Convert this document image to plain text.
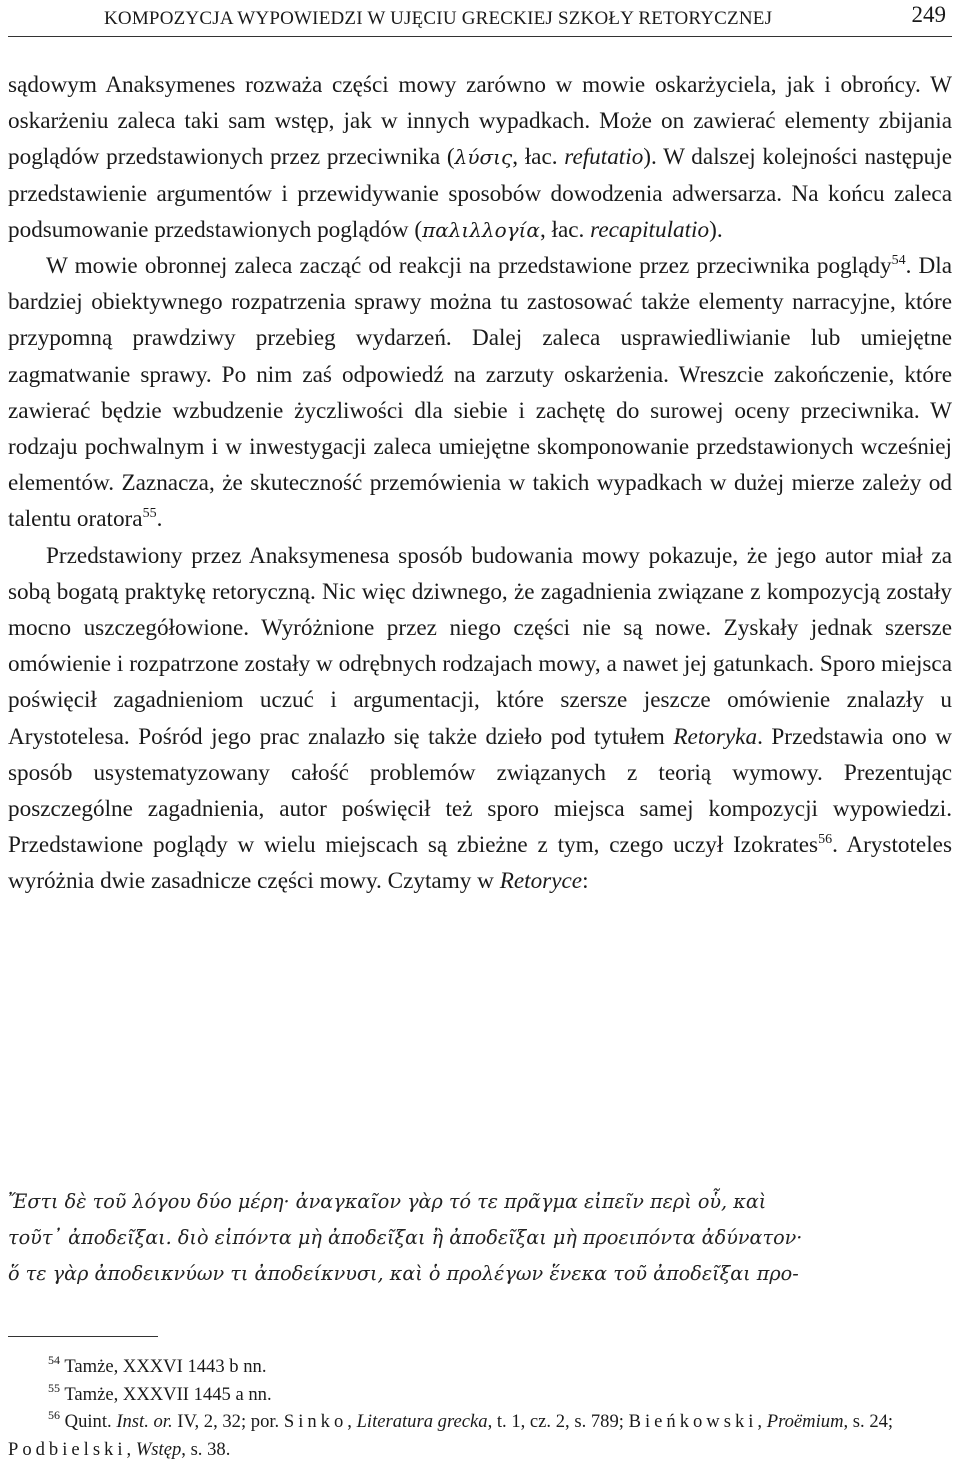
KOMPOZYCJA WYPOWIEDZI W UJĘCIU GRECKIEJ SZKOŁY RETORYCZNEJ	249

sądowym Anaksymenes rozważa części mowy zarówno w mowie oskarżyciela, jak i obrońcy. W oskarżeniu zaleca taki sam wstęp, jak w innych wypadkach. Może on zawierać elementy zbijania poglądów przedstawionych przez przeciwnika (λύσις, łac. refutatio). W dalszej kolejności następuje przedstawienie argumentów i przewidywanie sposobów dowodzenia adwersarza. Na końcu zaleca podsumowanie przedstawionych poglądów (παλιλλογία, łac. recapitulatio).

W mowie obronnej zaleca zacząć od reakcji na przedstawione przez przeciwnika poglądy$^{54}$. Dla bardziej obiektywnego rozpatrzenia sprawy można tu zastosować także elementy narracyjne, które przypomną prawdziwy przebieg wydarzeń. Dalej zaleca usprawiedliwianie lub umiejętne zagmatwanie sprawy. Po nim zaś odpowiedź na zarzuty oskarżenia. Wreszcie zakończenie, które zawierać będzie wzbudzenie życzliwości dla siebie i zachętę do surowej oceny przeciwnika. W rodzaju pochwalnym i w inwestygacji zaleca umiejętne skomponowanie przedstawionych wcześniej elementów. Zaznacza, że skuteczność przemówienia w takich wypadkach w dużej mierze zależy od talentu oratora$^{55}$.

Przedstawiony przez Anaksymenesa sposób budowania mowy pokazuje, że jego autor miał za sobą bogatą praktykę retoryczną. Nic więc dziwnego, że zagadnienia związane z kompozycją zostały mocno uszczegółowione. Wyróżnione przez niego części nie są nowe. Zyskały jednak szersze omówienie i rozpatrzone zostały w odrębnych rodzajach mowy, a nawet jej gatunkach. Sporo miejsca poświęcił zagadnieniom uczuć i argumentacji, które szersze jeszcze omówienie znalazły u Arystotelesa. Pośród jego prac znalazło się także dzieło pod tytułem Retoryka. Przedstawia ono w sposób usystematyzowany całość problemów związanych z teorią wymowy. Prezentując poszczególne zagadnienia, autor poświęcił też sporo miejsca samej kompozycji wypowiedzi. Przedstawione poglądy w wielu miejscach są zbieżne z tym, czego uczył Izokrates$^{56}$. Arystoteles wyróżnia dwie zasadnicze części mowy. Czytamy w Retoryce:

Ἔστι δὲ τοῦ λόγου δύο μέρη· ἀναγκαῖον γὰρ τό τε πρᾶγμα εἰπεῖν περὶ οὗ, καὶ
τοῦτ᾽ ἀποδεῖξαι. διὸ εἰπόντα μὴ ἀποδεῖξαι ἢ ἀποδεῖξαι μὴ προειπόντα ἀδύνατον·
ὅ τε γὰρ ἀποδεικνύων τι ἀποδείκνυσι, καὶ ὁ προλέγων ἕνεκα τοῦ ἀποδεῖξαι προ-

$^{54}$ Tamże, XXXVI 1443 b nn.

$^{55}$ Tamże, XXXVII 1445 a nn.

$^{56}$ Quint. Inst. or. IV, 2, 32; por. Sinko, Literatura grecka, t. 1, cz. 2, s. 789; Bieńkowski, Proëmium, s. 24; Podbielski, Wstęp, s. 38.
